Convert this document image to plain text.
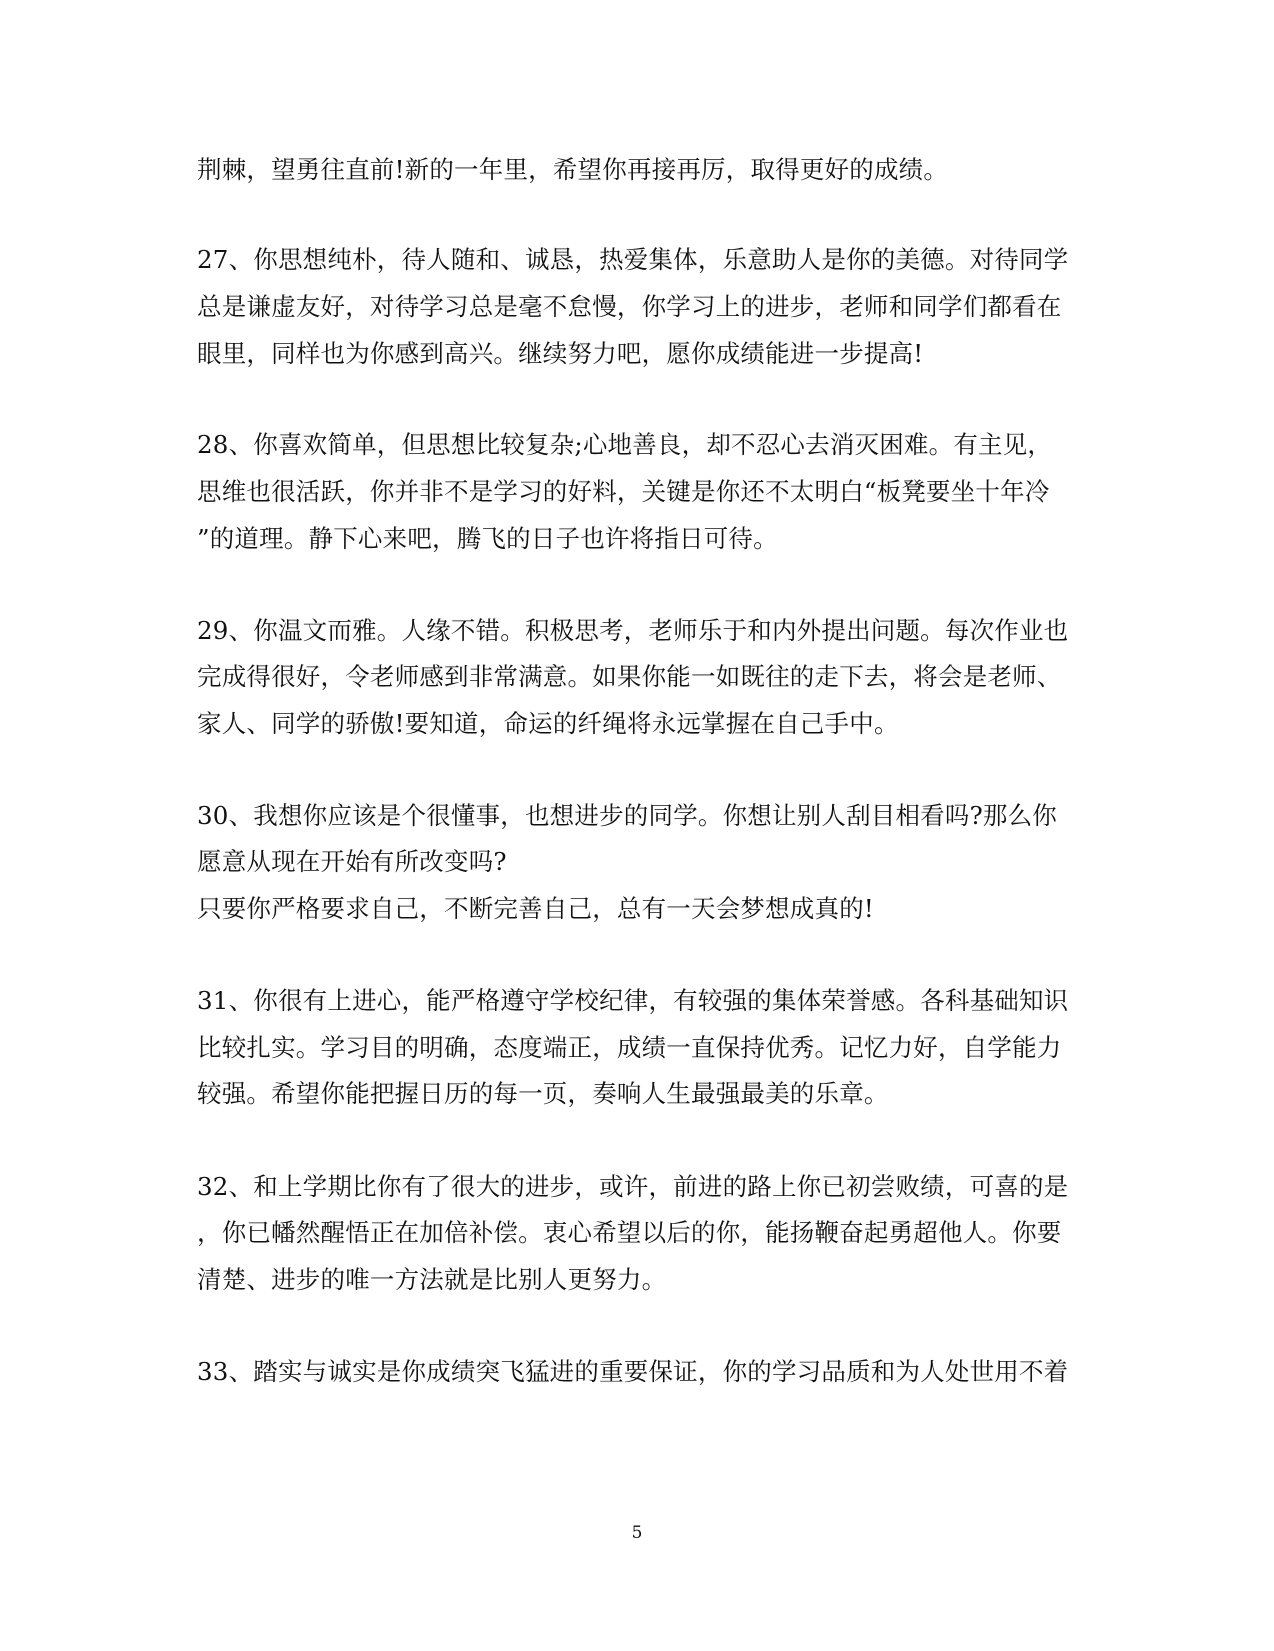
荆棘，望勇往直前!新的一年里，希望你再接再厉，取得更好的成绩。
27、你思想纯朴，待人随和、诚恳，热爱集体，乐意助人是你的美德。对待同学
总是谦虚友好，对待学习总是毫不怠慢，你学习上的进步，老师和同学们都看在
眼里，同样也为你感到高兴。继续努力吧，愿你成绩能进一步提高!
28、你喜欢简单，但思想比较复杂;心地善良，却不忍心去消灭困难。有主见，
思维也很活跃，你并非不是学习的好料，关键是你还不太明白“板凳要坐十年冷
”的道理。静下心来吧，腾飞的日子也许将指日可待。
29、你温文而雅。人缘不错。积极思考，老师乐于和内外提出问题。每次作业也
完成得很好，令老师感到非常满意。如果你能一如既往的走下去，将会是老师、
家人、同学的骄傲!要知道，命运的纤绳将永远掌握在自己手中。
30、我想你应该是个很懂事，也想进步的同学。你想让别人刮目相看吗?那么你
愿意从现在开始有所改变吗?
只要你严格要求自己，不断完善自己，总有一天会梦想成真的!
31、你很有上进心，能严格遵守学校纪律，有较强的集体荣誉感。各科基础知识
比较扎实。学习目的明确，态度端正，成绩一直保持优秀。记忆力好，自学能力
较强。希望你能把握日历的每一页，奏响人生最强最美的乐章。
32、和上学期比你有了很大的进步，或许，前进的路上你已初尝败绩，可喜的是
，你已幡然醒悟正在加倍补偿。衷心希望以后的你，能扬鞭奋起勇超他人。你要
清楚、进步的唯一方法就是比别人更努力。
33、踏实与诚实是你成绩突飞猛进的重要保证，你的学习品质和为人处世用不着
5
